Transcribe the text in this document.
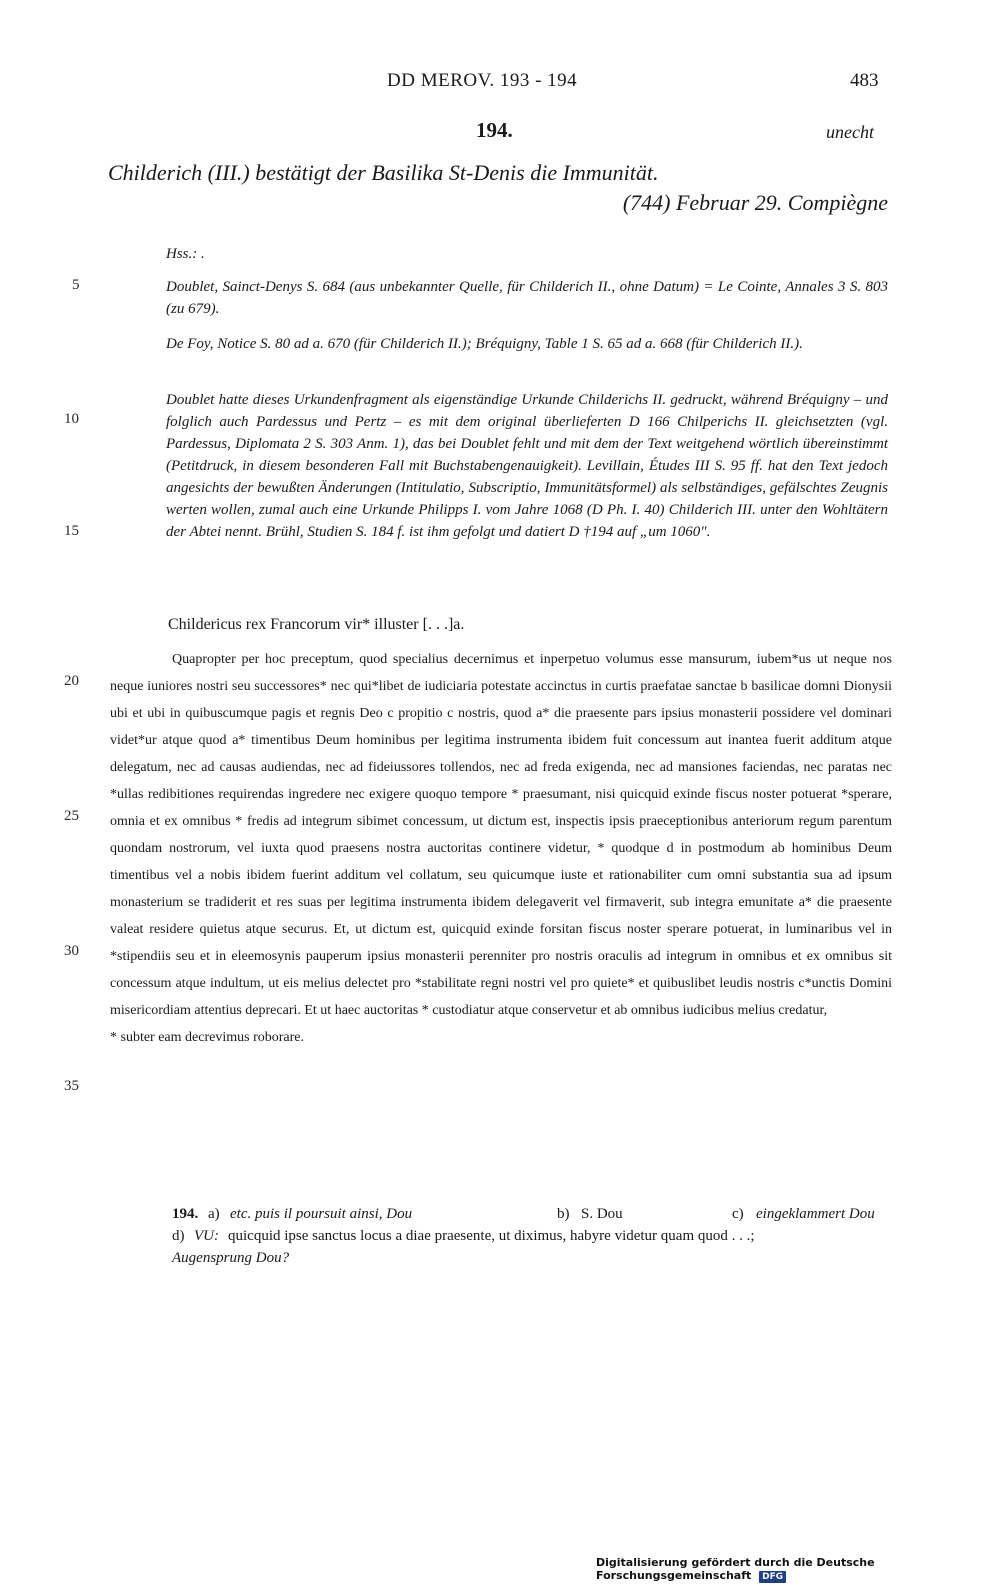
DD MEROV. 193 - 194	483
194.	unecht
Childerich (III.) bestätigt der Basilika St-Denis die Immunität.
(744) Februar 29. Compiègne
Hss.: .
Doublet, Sainct-Denys S. 684 (aus unbekannter Quelle, für Childerich II., ohne Datum) = Le Cointe, Annales 3 S. 803 (zu 679).
De Foy, Notice S. 80 ad a. 670 (für Childerich II.); Bréquigny, Table 1 S. 65 ad a. 668 (für Childerich II.).
Doublet hatte dieses Urkundenfragment als eigenständige Urkunde Childerichs II. gedruckt, während Bréquigny – und folglich auch Pardessus und Pertz – es mit dem original überlieferten D 166 Chilperichs II. gleichsetzten (vgl. Pardessus, Diplomata 2 S. 303 Anm. 1), das bei Doublet fehlt und mit dem der Text weitgehend wörtlich übereinstimmt (Petitdruck, in diesem besonderen Fall mit Buchstabengenauigkeit). Levillain, Études III S. 95 ff. hat den Text jedoch angesichts der bewußten Änderungen (Intitulatio, Subscriptio, Immunitätsformel) als selbständiges, gefälschtes Zeugnis werten wollen, zumal auch eine Urkunde Philipps I. vom Jahre 1068 (D Ph. I. 40) Childerich III. unter den Wohltätern der Abtei nennt. Brühl, Studien S. 184 f. ist ihm gefolgt und datiert D †194 auf „um 1060".
5
10
15
20
25
30
35
Childericus rex Francorum vir* illuster [. . .]a.

Quapropter per hoc preceptum, quod specialius decernimus et inperpetuo volumus esse mansurum, iubem*us ut neque nos neque iuniores nostri seu successores* nec qui*libet de iudiciaria potestate accinctus in curtis praefatae sanctae b basilicae domni Dionysii ubi et ubi in quibuscumque pagis et regnis Deo c propitio c nostris, quod a* die praesente pars ipsius monasterii possidere vel dominari videt*ur atque quod a* timentibus Deum hominibus per legitima instrumenta ibidem fuit concessum aut inantea fuerit additum atque delegatum, nec ad causas audiendas, nec ad fideiussores tollendos, nec ad freda exigenda, nec ad mansiones faciendas, nec paratas nec *ullas redibitiones requirendas ingredere nec exigere quoquo tempore * praesumant, nisi quicquid exinde fiscus noster potuerat *sperare, omnia et ex omnibus * fredis ad integrum sibimet concessum, ut dictum est, inspectis ipsis praeceptionibus anteriorum regum parentum quondam nostrorum, vel iuxta quod praesens nostra auctoritas continere videtur, * quodque d in postmodum ab hominibus Deum timentibus vel a nobis ibidem fuerint additum vel collatum, seu quicumque iuste et rationabiliter cum omni substantia sua ad ipsum monasterium se tradiderit et res suas per legitima instrumenta ibidem delegaverit vel firmaverit, sub integra emunitate a* die praesente valeat residere quietus atque securus. Et, ut dictum est, quicquid exinde forsitan fiscus noster sperare potuerat, in luminaribus vel in *stipendiis seu et in eleemosynis pauperum ipsius monasterii perenniter pro nostris oraculis ad integrum in omnibus et ex omnibus sit concessum atque indultum, ut eis melius delectet pro *stabilitate regni nostri vel pro quiete* et quibuslibet leudis nostris c*unctis Domini misericordiam attentius deprecari. Et ut haec auctoritas * custodiatur atque conservetur et ab omnibus iudicibus melius credatur,

* subter eam decrevimus roborare.

194. a) etc. puis il poursuit ainsi, Dou	b) S. Dou	c) eingeklammert Dou
d) VU: quicquid ipse sanctus locus a diae praesente, ut diximus, habyre videtur quam quod . . .;
Augensprung Dou?
Digitalisierung gefördert durch die Deutsche Forschungsgemeinschaft DFG
